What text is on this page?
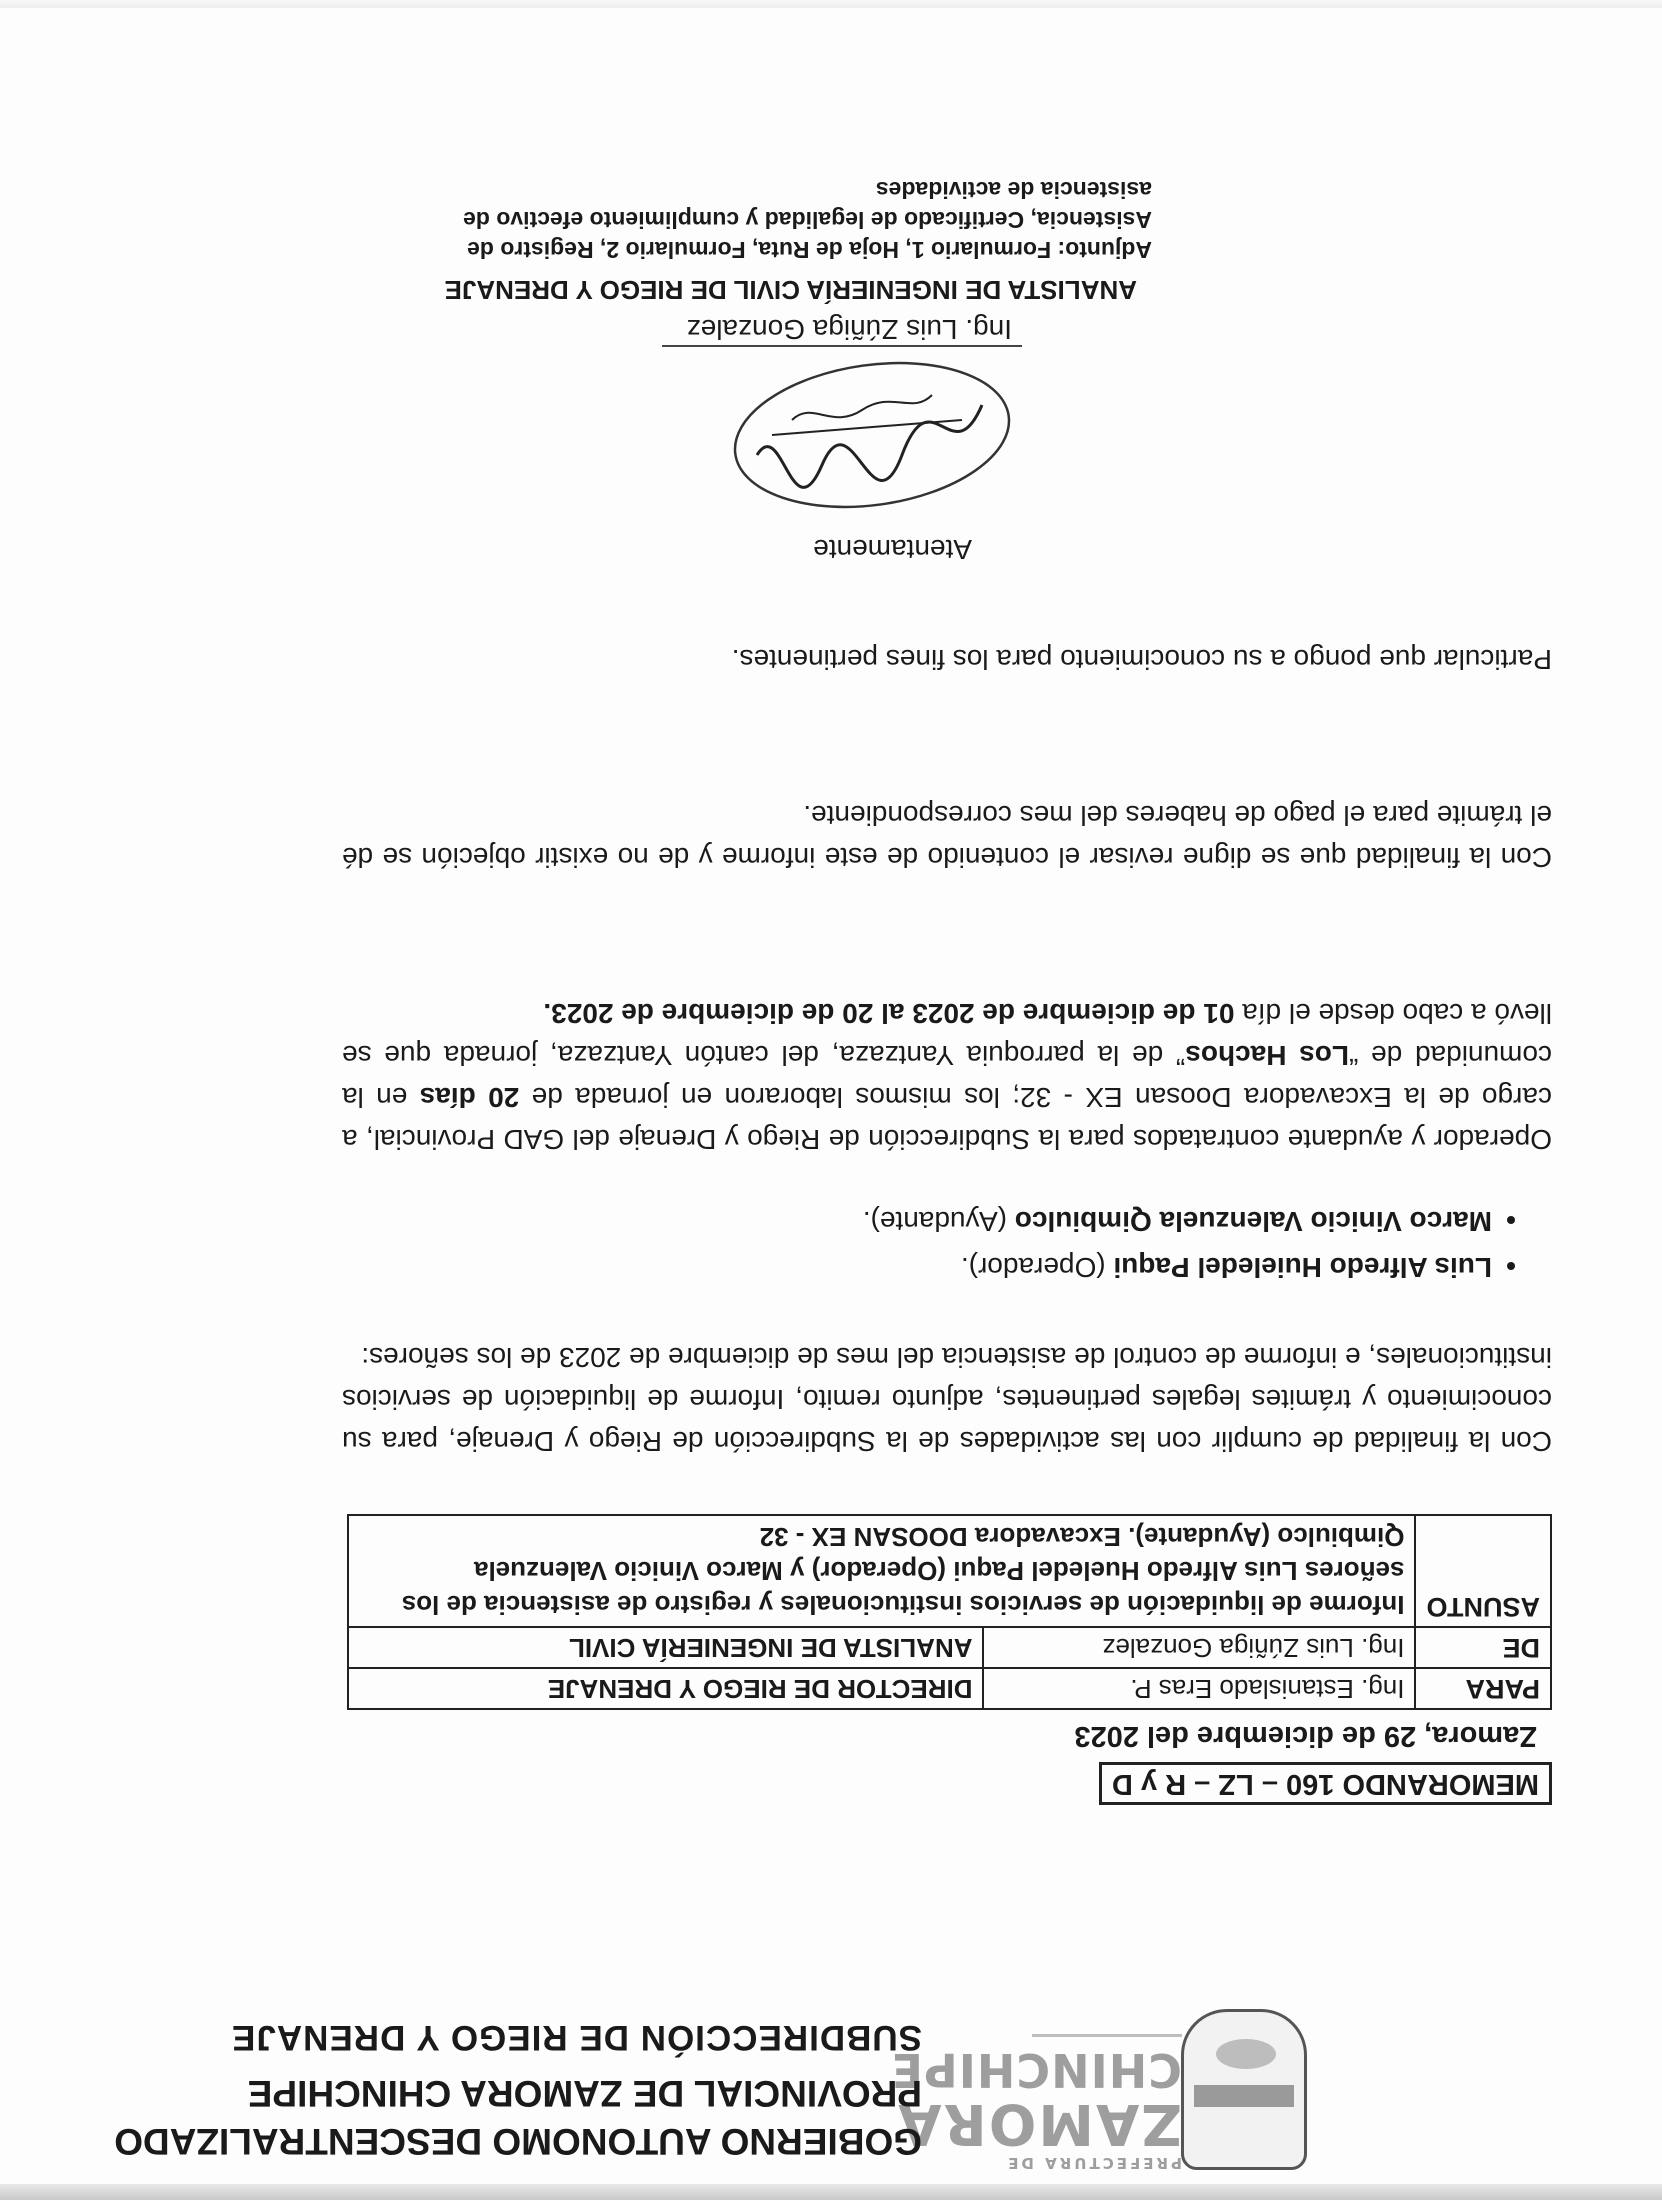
PREFECTURA DE
ZAMORA
CHINCHIPE
GOBIERNO AUTONOMO DESCENTRALIZADO
PROVINCIAL DE ZAMORA CHINCHIPE
SUBDIRECCIÓN DE RIEGO Y DRENAJE
MEMORANDO 160 – LZ – R y D
Zamora, 29 de diciembre del 2023
PARA	Ing. Estanislado Eras P.	DIRECTOR DE RIEGO Y DRENAJE
DE	Ing. Luis Zúñiga Gonzalez	ANALISTA DE INGENIERÍA CIVIL
ASUNTO	Informe de liquidación de servicios institucionales y registro de asistencia de los señores Luis Alfredo Hueledel Paqui (Operador) y Marco Vinicio Valenzuela Qimbiulco (Ayudante). Excavadora DOOSAN EX - 32	
Con la finalidad de cumplir con las actividades de la Subdirección de Riego y Drenaje, para su conocimiento y trámites legales pertinentes, adjunto remito, Informe de liquidación de servicios institucionales, e informe de control de asistencia del mes de diciembre de 2023 de los señores:
• Luis Alfredo Huieledel Paqui (Operador).
• Marco Vinicio Valenzuela Qimbiulco (Ayudante).
Operador y ayudante contratados para la Subdirección de Riego y Drenaje del GAD Provincial, a cargo de la Excavadora Doosan EX - 32; los mismos laboraron en jornada de 20 días en la comunidad de “Los Hachos” de la parroquia Yantzaza, del cantón Yantzaza, jornada que se llevó a cabo desde el día 01 de diciembre de 2023 al 20 de diciembre de 2023.
Con la finalidad que se digne revisar el contenido de este informe y de no existir objeción se dé el trámite para el pago de haberes del mes correspondiente.
Particular que pongo a su conocimiento para los fines pertinentes.
Atentamente
Ing. Luis Zúñiga Gonzalez
ANALISTA DE INGENIERÍA CIVIL DE RIEGO Y DRENAJE
Adjunto: Formulario 1, Hoja de Ruta, Formulario 2, Registro de
Asistencia, Certificado de legalidad y cumplimiento efectivo de
asistencia de actividades
